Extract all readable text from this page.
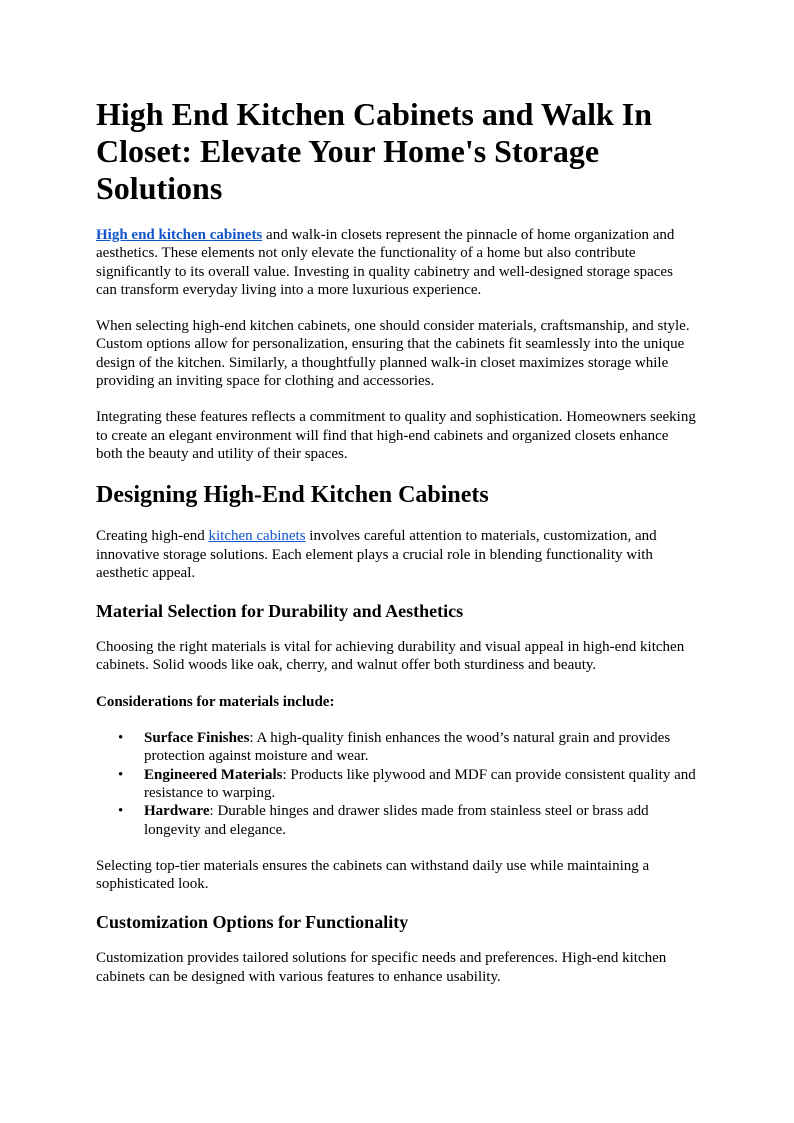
High End Kitchen Cabinets and Walk In Closet: Elevate Your Home's Storage Solutions

High end kitchen cabinets and walk-in closets represent the pinnacle of home organization and aesthetics. These elements not only elevate the functionality of a home but also contribute significantly to its overall value. Investing in quality cabinetry and well-designed storage spaces can transform everyday living into a more luxurious experience.

When selecting high-end kitchen cabinets, one should consider materials, craftsmanship, and style. Custom options allow for personalization, ensuring that the cabinets fit seamlessly into the unique design of the kitchen. Similarly, a thoughtfully planned walk-in closet maximizes storage while providing an inviting space for clothing and accessories.

Integrating these features reflects a commitment to quality and sophistication. Homeowners seeking to create an elegant environment will find that high-end cabinets and organized closets enhance both the beauty and utility of their spaces.

Designing High-End Kitchen Cabinets

Creating high-end kitchen cabinets involves careful attention to materials, customization, and innovative storage solutions. Each element plays a crucial role in blending functionality with aesthetic appeal.

Material Selection for Durability and Aesthetics

Choosing the right materials is vital for achieving durability and visual appeal in high-end kitchen cabinets. Solid woods like oak, cherry, and walnut offer both sturdiness and beauty.

Considerations for materials include:

• Surface Finishes: A high-quality finish enhances the wood’s natural grain and provides protection against moisture and wear.
• Engineered Materials: Products like plywood and MDF can provide consistent quality and resistance to warping.
• Hardware: Durable hinges and drawer slides made from stainless steel or brass add longevity and elegance.

Selecting top-tier materials ensures the cabinets can withstand daily use while maintaining a sophisticated look.

Customization Options for Functionality

Customization provides tailored solutions for specific needs and preferences. High-end kitchen cabinets can be designed with various features to enhance usability.
